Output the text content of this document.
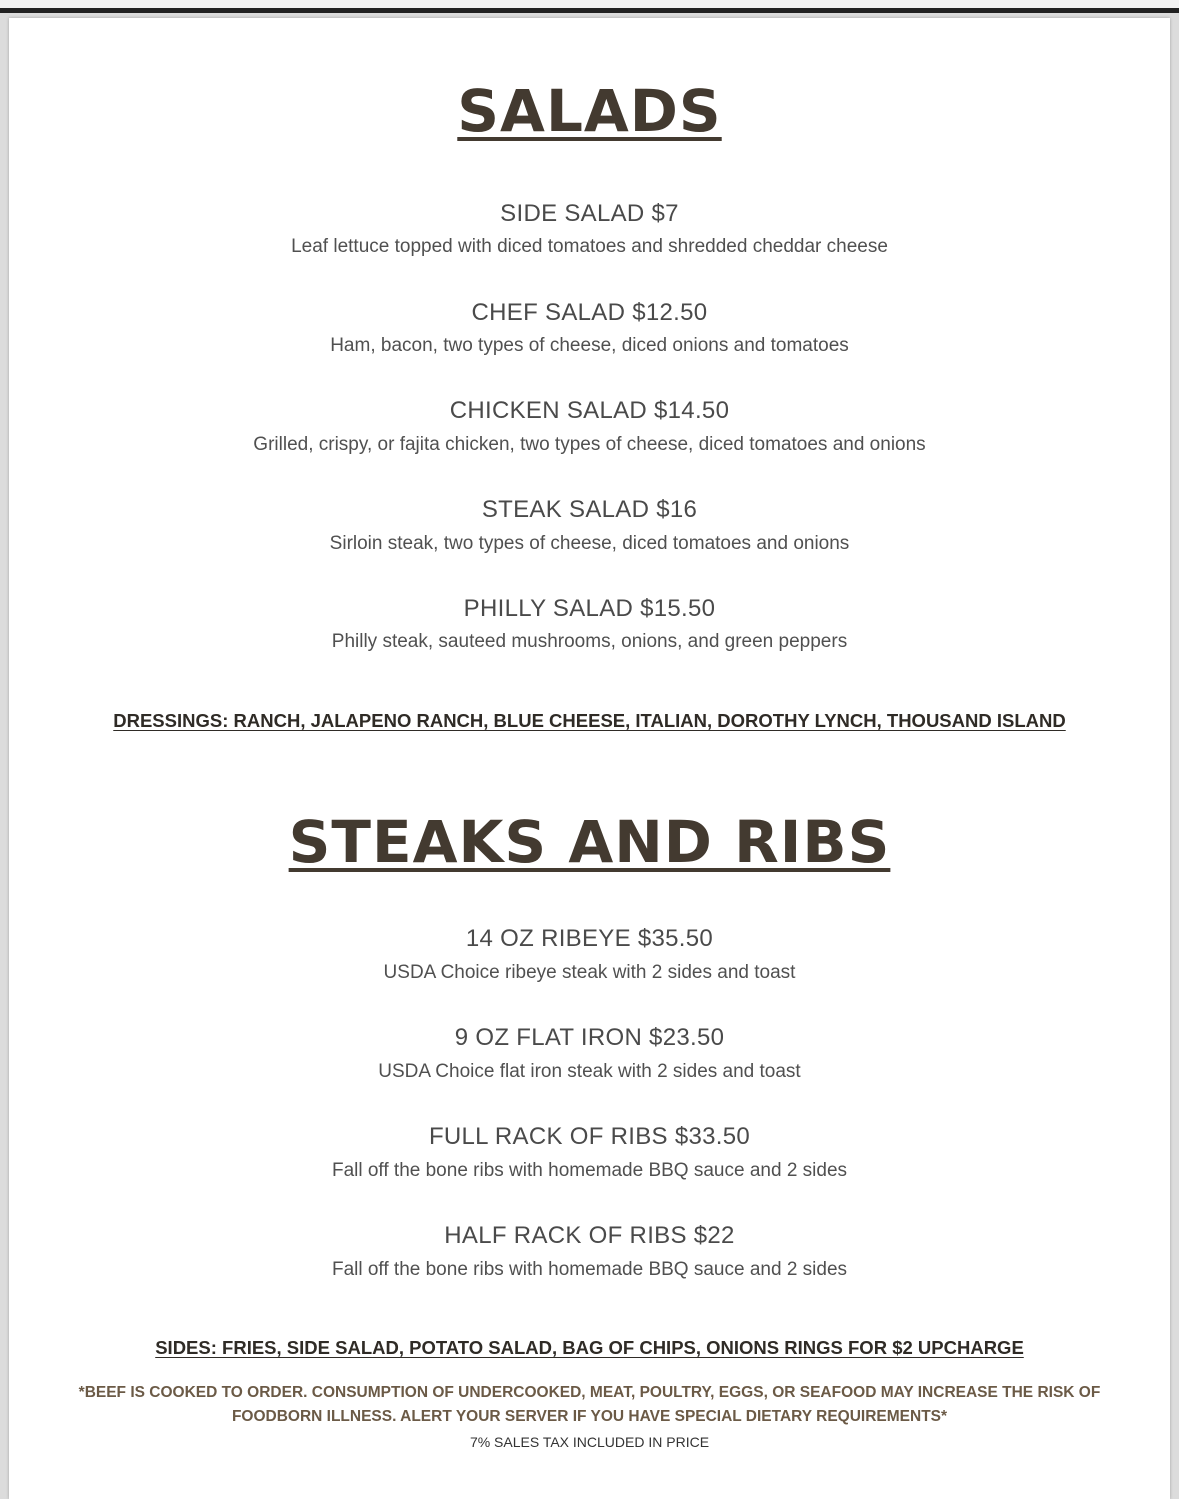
SALADS
SIDE SALAD $7
Leaf lettuce topped with diced tomatoes and shredded cheddar cheese
CHEF SALAD $12.50
Ham, bacon, two types of cheese, diced onions and tomatoes
CHICKEN SALAD $14.50
Grilled, crispy, or fajita chicken, two types of cheese, diced tomatoes and onions
STEAK SALAD $16
Sirloin steak, two types of cheese, diced tomatoes and onions
PHILLY SALAD $15.50
Philly steak, sauteed mushrooms, onions, and green peppers
DRESSINGS: RANCH, JALAPENO RANCH, BLUE CHEESE, ITALIAN, DOROTHY LYNCH, THOUSAND ISLAND
STEAKS AND RIBS
14 OZ RIBEYE $35.50
USDA Choice ribeye steak with 2 sides and toast
9 OZ FLAT IRON $23.50
USDA Choice flat iron steak with 2 sides and toast
FULL RACK OF RIBS $33.50
Fall off the bone ribs with homemade BBQ sauce and 2 sides
HALF RACK OF RIBS $22
Fall off the bone ribs with homemade BBQ sauce and 2 sides
SIDES: FRIES, SIDE SALAD, POTATO SALAD, BAG OF CHIPS, ONIONS RINGS FOR $2 UPCHARGE
*BEEF IS COOKED TO ORDER. CONSUMPTION OF UNDERCOOKED, MEAT, POULTRY, EGGS, OR SEAFOOD MAY INCREASE THE RISK OF
FOODBORN ILLNESS. ALERT YOUR SERVER IF YOU HAVE SPECIAL DIETARY REQUIREMENTS*
7% SALES TAX INCLUDED IN PRICE
